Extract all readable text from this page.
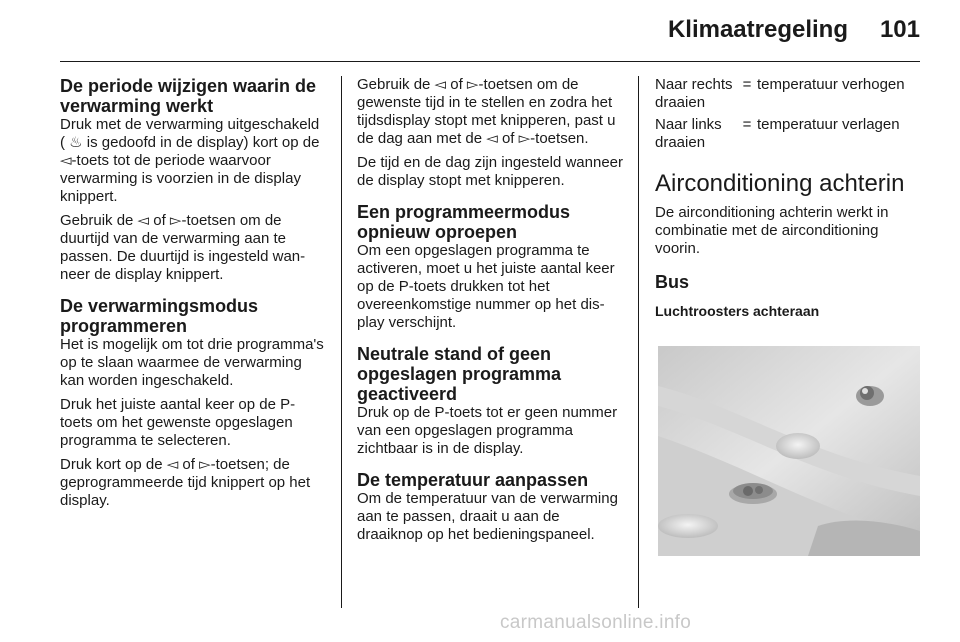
Klimaatregeling 101
De periode wijzigen waarin de verwarming werkt

Druk met de verwarming uitgeschakeld ( ♨ is gedoofd in de display) kort op de ◅-toets tot de periode waarvoor verwarming is voorzien in de display knippert.

Gebruik de ◅ of ▻-toetsen om de duurtijd van de verwarming aan te passen. De duurtijd is ingesteld wanneer de display knippert.

De verwarmingsmodus programmeren

Het is mogelijk om tot drie programma's op te slaan waarmee de verwarming kan worden ingeschakeld.

Druk het juiste aantal keer op de P-toets om het gewenste opgeslagen programma te selecteren.

Druk kort op de ◅ of ▻-toetsen; de geprogrammeerde tijd knippert op het display.

Gebruik de ◅ of ▻-toetsen om de gewenste tijd in te stellen en zodra het tijdsdisplay stopt met knipperen, past u de dag aan met de ◅ of ▻-toetsen.

De tijd en de dag zijn ingesteld wanneer de display stopt met knipperen.

Een programmeermodus opnieuw oproepen

Om een opgeslagen programma te activeren, moet u het juiste aantal keer op de P-toets drukken tot het overeenkomstige nummer op het display verschijnt.

Neutrale stand of geen opgeslagen programma geactiveerd

Druk op de P-toets tot er geen nummer van een opgeslagen programma zichtbaar is in de display.

De temperatuur aanpassen

Om de temperatuur van de verwarming aan te passen, draait u aan de draaiknop op het bedieningspaneel.

Naar rechts draaien	=	temperatuur verhogen
Naar links draaien	=	temperatuur verlagen
Airconditioning achterin

De airconditioning achterin werkt in combinatie met de airconditioning voorin.

Bus
Luchtroosters achteraan
carmanualsonline.info
